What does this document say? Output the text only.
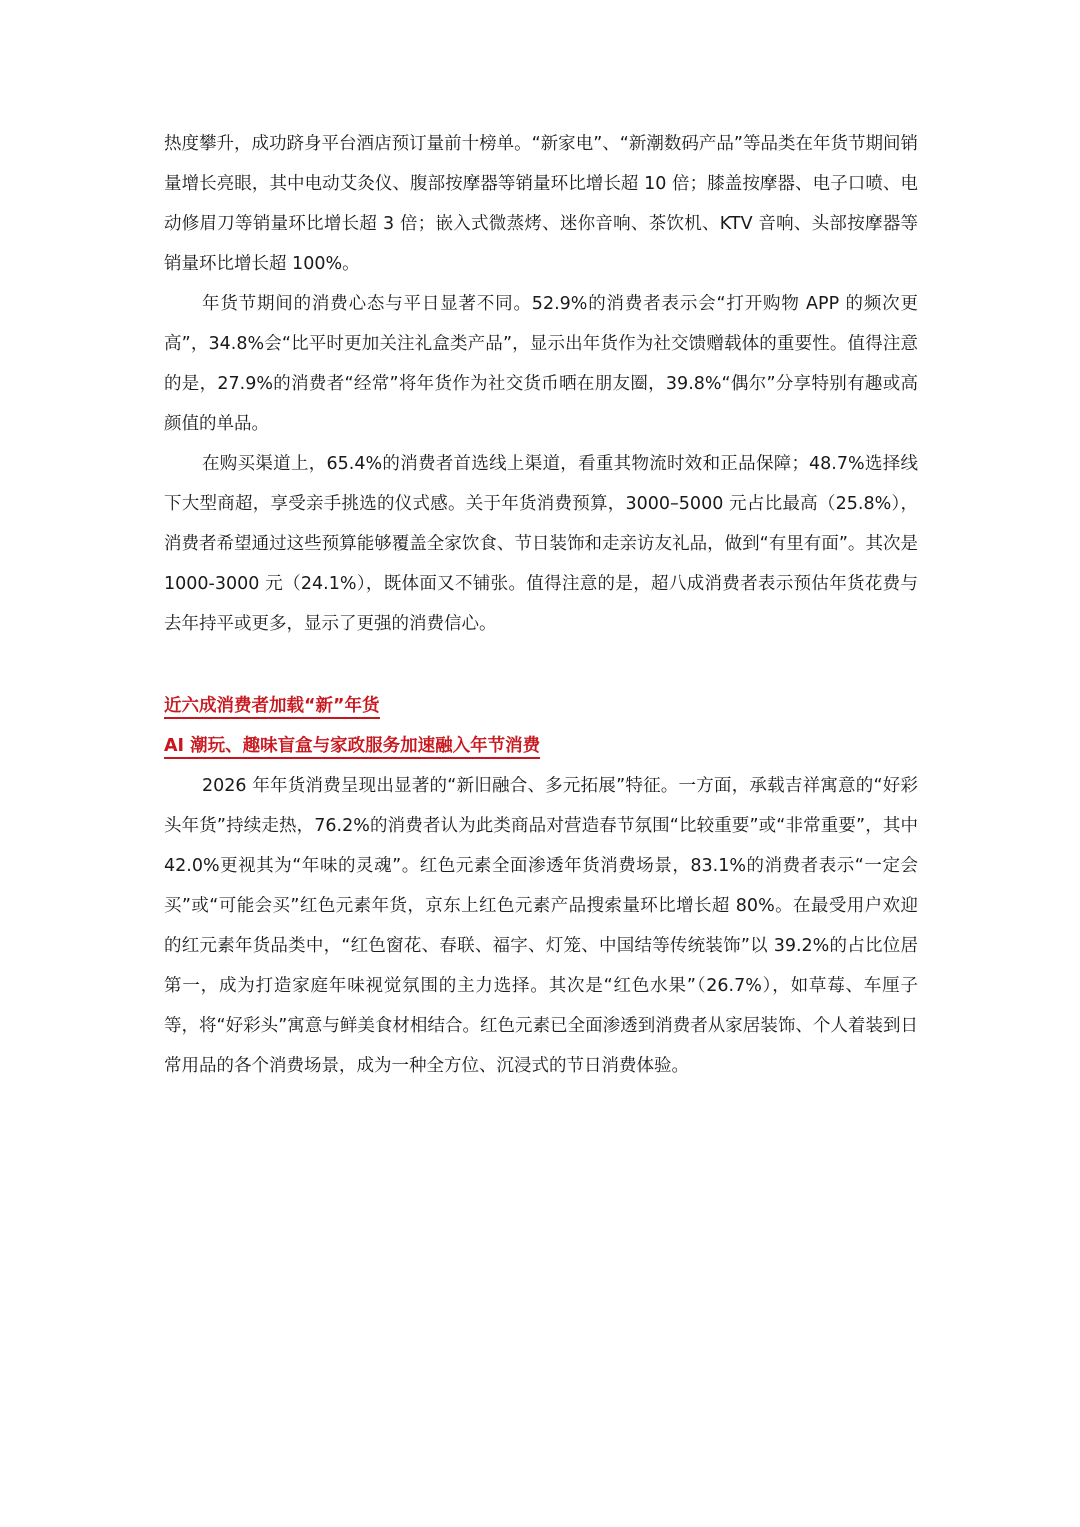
热度攀升，成功跻身平台酒店预订量前十榜单。“新家电”、“新潮数码产品”等品类在年货节期间销量增长亮眼，其中电动艾灸仪、腹部按摩器等销量环比增长超 10 倍；膝盖按摩器、电子口喷、电动修眉刀等销量环比增长超 3 倍；嵌入式微蒸烤、迷你音响、茶饮机、KTV 音响、头部按摩器等销量环比增长超 100%。

年货节期间的消费心态与平日显著不同。52.9%的消费者表示会“打开购物 APP 的频次更高”，34.8%会“比平时更加关注礼盒类产品”，显示出年货作为社交馈赠载体的重要性。值得注意的是，27.9%的消费者“经常”将年货作为社交货币晒在朋友圈，39.8%“偶尔”分享特别有趣或高颜值的单品。

在购买渠道上，65.4%的消费者首选线上渠道，看重其物流时效和正品保障；48.7%选择线下大型商超，享受亲手挑选的仪式感。关于年货消费预算，3000–5000 元占比最高（25.8%），消费者希望通过这些预算能够覆盖全家饮食、节日装饰和走亲访友礼品，做到“有里有面”。其次是 1000-3000 元（24.1%），既体面又不铺张。值得注意的是，超八成消费者表示预估年货花费与去年持平或更多，显示了更强的消费信心。

近六成消费者加载“新”年货

AI 潮玩、趣味盲盒与家政服务加速融入年节消费

2026 年年货消费呈现出显著的“新旧融合、多元拓展”特征。一方面，承载吉祥寓意的“好彩头年货”持续走热，76.2%的消费者认为此类商品对营造春节氛围“比较重要”或“非常重要”，其中 42.0%更视其为“年味的灵魂”。红色元素全面渗透年货消费场景，83.1%的消费者表示“一定会买”或“可能会买”红色元素年货，京东上红色元素产品搜索量环比增长超 80%。在最受用户欢迎的红元素年货品类中，“红色窗花、春联、福字、灯笼、中国结等传统装饰”以 39.2%的占比位居第一，成为打造家庭年味视觉氛围的主力选择。其次是“红色水果”（26.7%），如草莓、车厘子等，将“好彩头”寓意与鲜美食材相结合。红色元素已全面渗透到消费者从家居装饰、个人着装到日常用品的各个消费场景，成为一种全方位、沉浸式的节日消费体验。
